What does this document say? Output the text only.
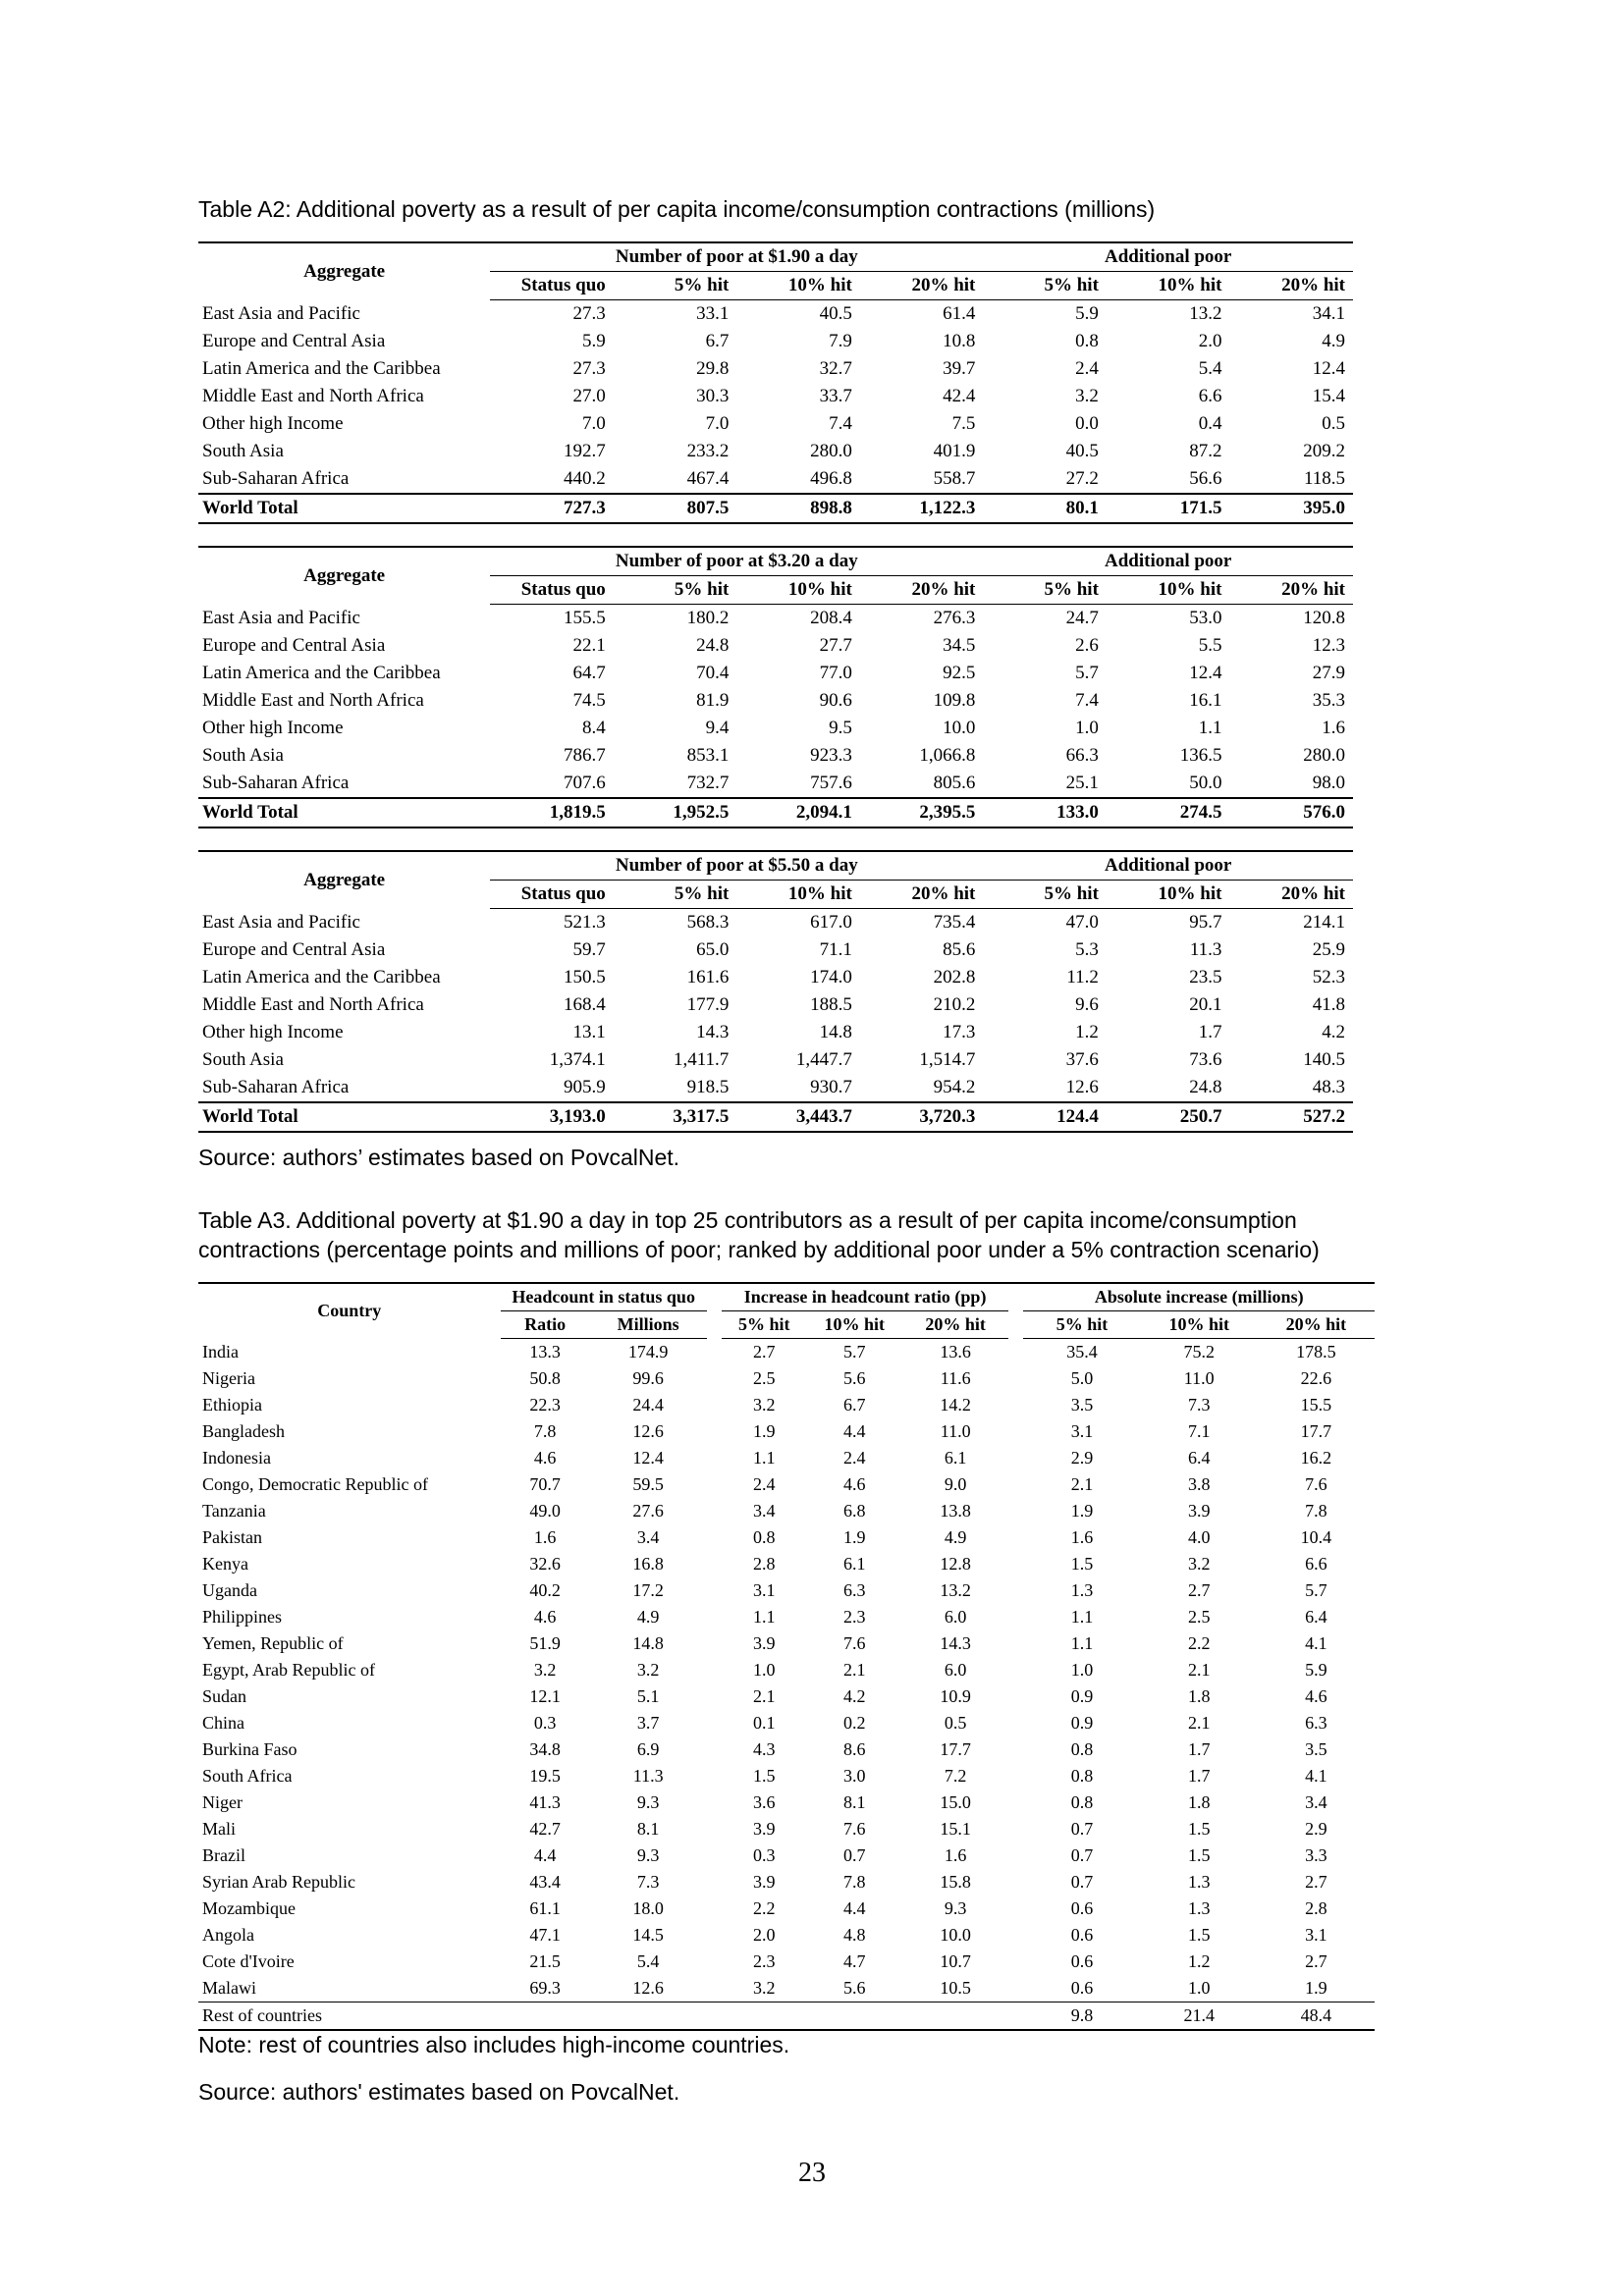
Table A2: Additional poverty as a result of per capita income/consumption contractions (millions)
Aggregate	Number of poor at $1.90 a day				Additional poor		
	Status quo	5% hit	10% hit	20% hit	5% hit	10% hit	20% hit
East Asia and Pacific	27.3	33.1	40.5	61.4	5.9	13.2	34.1
Europe and Central Asia	5.9	6.7	7.9	10.8	0.8	2.0	4.9
Latin America and the Caribbea	27.3	29.8	32.7	39.7	2.4	5.4	12.4
Middle East and North Africa	27.0	30.3	33.7	42.4	3.2	6.6	15.4
Other high Income	7.0	7.0	7.4	7.5	0.0	0.4	0.5
South Asia	192.7	233.2	280.0	401.9	40.5	87.2	209.2
Sub-Saharan Africa	440.2	467.4	496.8	558.7	27.2	56.6	118.5
World Total	727.3	807.5	898.8	1,122.3	80.1	171.5	395.0
Aggregate	Number of poor at $3.20 a day				Additional poor		
	Status quo	5% hit	10% hit	20% hit	5% hit	10% hit	20% hit
East Asia and Pacific	155.5	180.2	208.4	276.3	24.7	53.0	120.8
Europe and Central Asia	22.1	24.8	27.7	34.5	2.6	5.5	12.3
Latin America and the Caribbea	64.7	70.4	77.0	92.5	5.7	12.4	27.9
Middle East and North Africa	74.5	81.9	90.6	109.8	7.4	16.1	35.3
Other high Income	8.4	9.4	9.5	10.0	1.0	1.1	1.6
South Asia	786.7	853.1	923.3	1,066.8	66.3	136.5	280.0
Sub-Saharan Africa	707.6	732.7	757.6	805.6	25.1	50.0	98.0
World Total	1,819.5	1,952.5	2,094.1	2,395.5	133.0	274.5	576.0
Aggregate	Number of poor at $5.50 a day				Additional poor		
	Status quo	5% hit	10% hit	20% hit	5% hit	10% hit	20% hit
East Asia and Pacific	521.3	568.3	617.0	735.4	47.0	95.7	214.1
Europe and Central Asia	59.7	65.0	71.1	85.6	5.3	11.3	25.9
Latin America and the Caribbea	150.5	161.6	174.0	202.8	11.2	23.5	52.3
Middle East and North Africa	168.4	177.9	188.5	210.2	9.6	20.1	41.8
Other high Income	13.1	14.3	14.8	17.3	1.2	1.7	4.2
South Asia	1,374.1	1,411.7	1,447.7	1,514.7	37.6	73.6	140.5
Sub-Saharan Africa	905.9	918.5	930.7	954.2	12.6	24.8	48.3
World Total	3,193.0	3,317.5	3,443.7	3,720.3	124.4	250.7	527.2
Source: authors’ estimates based on PovcalNet.
Table A3. Additional poverty at $1.90 a day in top 25 contributors as a result of per capita income/consumption
contractions (percentage points and millions of poor; ranked by additional poor under a 5% contraction scenario)
Country	Headcount in status quo			Increase in headcount ratio (pp)				Absolute increase (millions)		
	Ratio	Millions		5% hit	10% hit	20% hit		5% hit	10% hit	20% hit
India	13.3	174.9		2.7	5.7	13.6		35.4	75.2	178.5
Nigeria	50.8	99.6		2.5	5.6	11.6		5.0	11.0	22.6
Ethiopia	22.3	24.4		3.2	6.7	14.2		3.5	7.3	15.5
Bangladesh	7.8	12.6		1.9	4.4	11.0		3.1	7.1	17.7
Indonesia	4.6	12.4		1.1	2.4	6.1		2.9	6.4	16.2
Congo, Democratic Republic of	70.7	59.5		2.4	4.6	9.0		2.1	3.8	7.6
Tanzania	49.0	27.6		3.4	6.8	13.8		1.9	3.9	7.8
Pakistan	1.6	3.4		0.8	1.9	4.9		1.6	4.0	10.4
Kenya	32.6	16.8		2.8	6.1	12.8		1.5	3.2	6.6
Uganda	40.2	17.2		3.1	6.3	13.2		1.3	2.7	5.7
Philippines	4.6	4.9		1.1	2.3	6.0		1.1	2.5	6.4
Yemen, Republic of	51.9	14.8		3.9	7.6	14.3		1.1	2.2	4.1
Egypt, Arab Republic of	3.2	3.2		1.0	2.1	6.0		1.0	2.1	5.9
Sudan	12.1	5.1		2.1	4.2	10.9		0.9	1.8	4.6
China	0.3	3.7		0.1	0.2	0.5		0.9	2.1	6.3
Burkina Faso	34.8	6.9		4.3	8.6	17.7		0.8	1.7	3.5
South Africa	19.5	11.3		1.5	3.0	7.2		0.8	1.7	4.1
Niger	41.3	9.3		3.6	8.1	15.0		0.8	1.8	3.4
Mali	42.7	8.1		3.9	7.6	15.1		0.7	1.5	2.9
Brazil	4.4	9.3		0.3	0.7	1.6		0.7	1.5	3.3
Syrian Arab Republic	43.4	7.3		3.9	7.8	15.8		0.7	1.3	2.7
Mozambique	61.1	18.0		2.2	4.4	9.3		0.6	1.3	2.8
Angola	47.1	14.5		2.0	4.8	10.0		0.6	1.5	3.1
Cote d'Ivoire	21.5	5.4		2.3	4.7	10.7		0.6	1.2	2.7
Malawi	69.3	12.6		3.2	5.6	10.5		0.6	1.0	1.9
Rest of countries								9.8	21.4	48.4
Note: rest of countries also includes high-income countries.
Source: authors' estimates based on PovcalNet.
23
